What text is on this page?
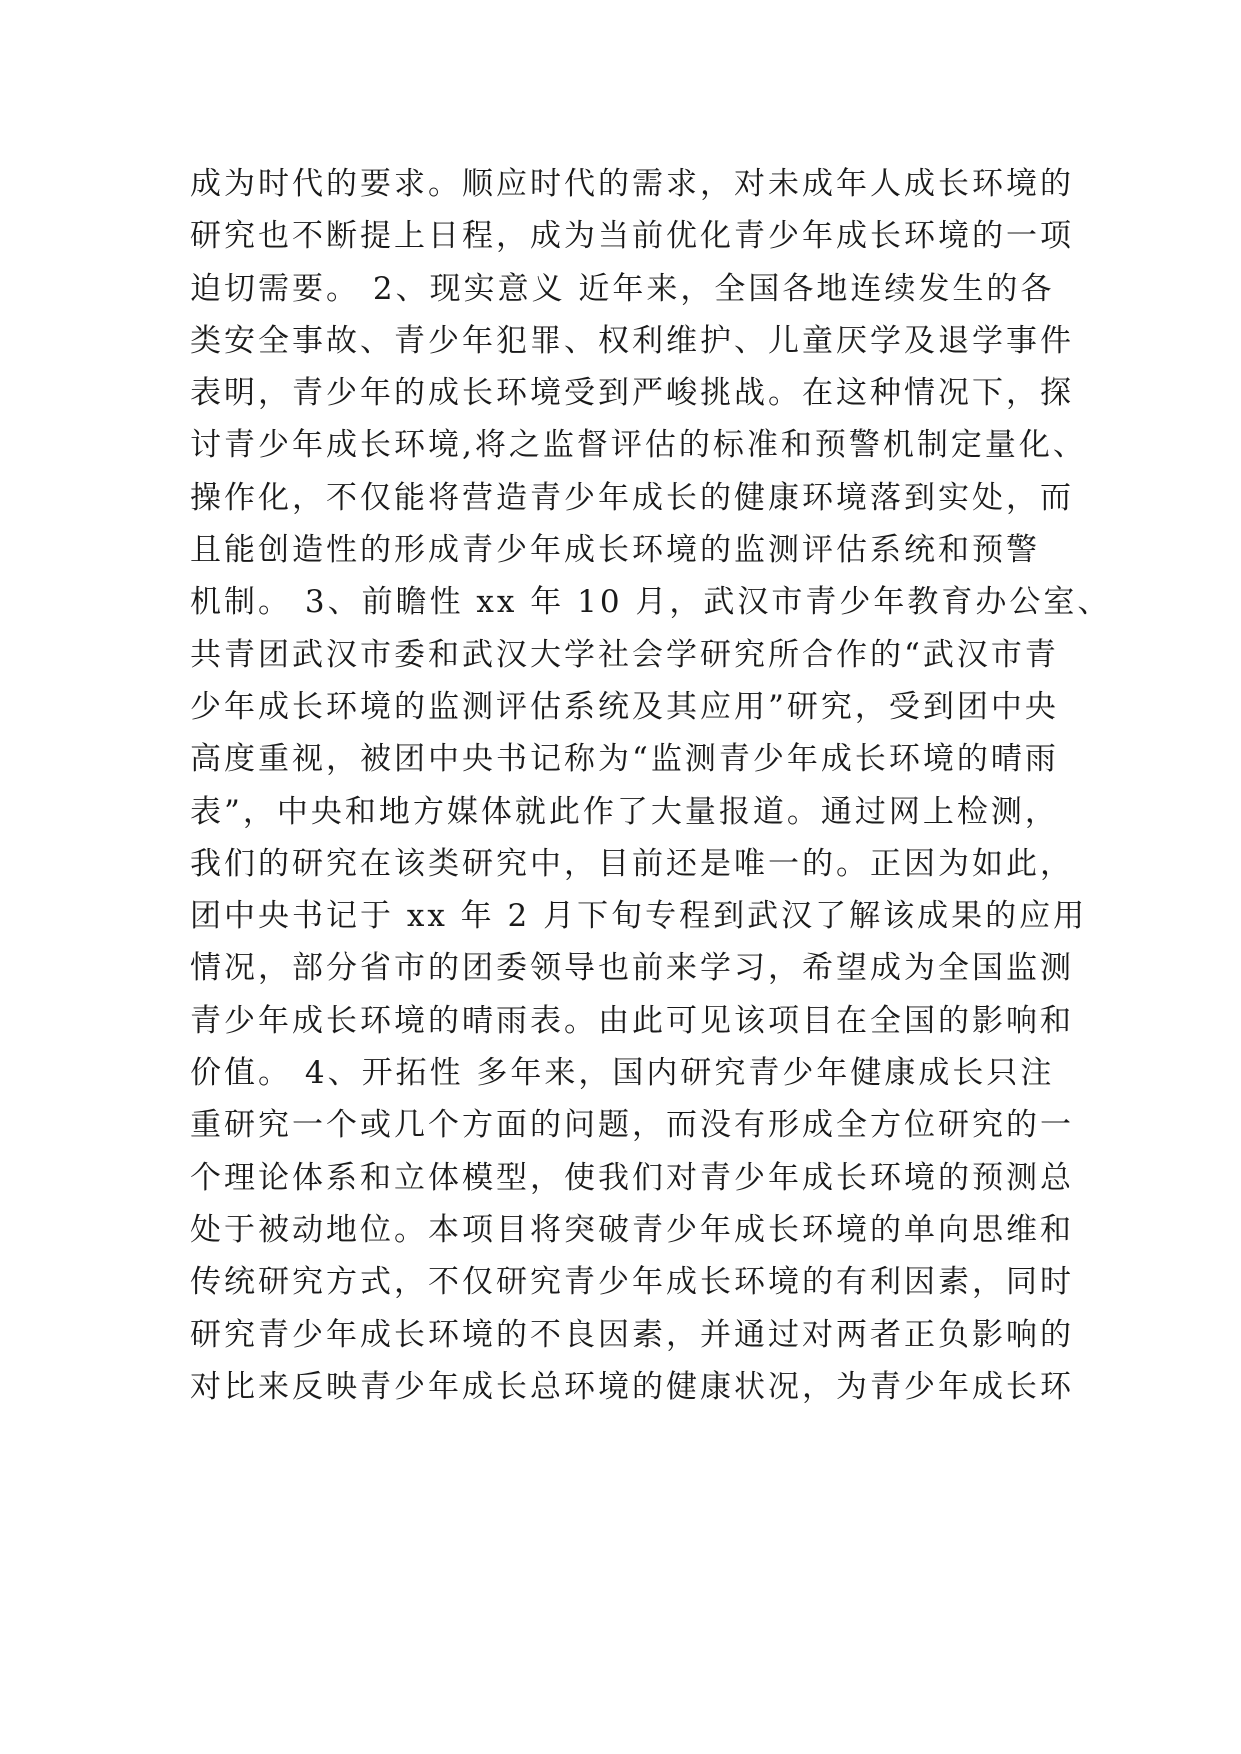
成为时代的要求。顺应时代的需求，对未成年人成长环境的
研究也不断提上日程，成为当前优化青少年成长环境的一项
迫切需要。 2、现实意义 近年来，全国各地连续发生的各
类安全事故、青少年犯罪、权利维护、儿童厌学及退学事件
表明，青少年的成长环境受到严峻挑战。在这种情况下，探
讨青少年成长环境,将之监督评估的标准和预警机制定量化、
操作化，不仅能将营造青少年成长的健康环境落到实处，而
且能创造性的形成青少年成长环境的监测评估系统和预警
机制。 3、前瞻性 xx 年 10 月，武汉市青少年教育办公室、
共青团武汉市委和武汉大学社会学研究所合作的“武汉市青
少年成长环境的监测评估系统及其应用”研究，受到团中央
高度重视，被团中央书记称为“监测青少年成长环境的晴雨
表”，中央和地方媒体就此作了大量报道。通过网上检测，
我们的研究在该类研究中，目前还是唯一的。正因为如此，
团中央书记于 xx 年 2 月下旬专程到武汉了解该成果的应用
情况，部分省市的团委领导也前来学习，希望成为全国监测
青少年成长环境的晴雨表。由此可见该项目在全国的影响和
价值。 4、开拓性 多年来，国内研究青少年健康成长只注
重研究一个或几个方面的问题，而没有形成全方位研究的一
个理论体系和立体模型，使我们对青少年成长环境的预测总
处于被动地位。本项目将突破青少年成长环境的单向思维和
传统研究方式，不仅研究青少年成长环境的有利因素，同时
研究青少年成长环境的不良因素，并通过对两者正负影响的
对比来反映青少年成长总环境的健康状况，为青少年成长环
